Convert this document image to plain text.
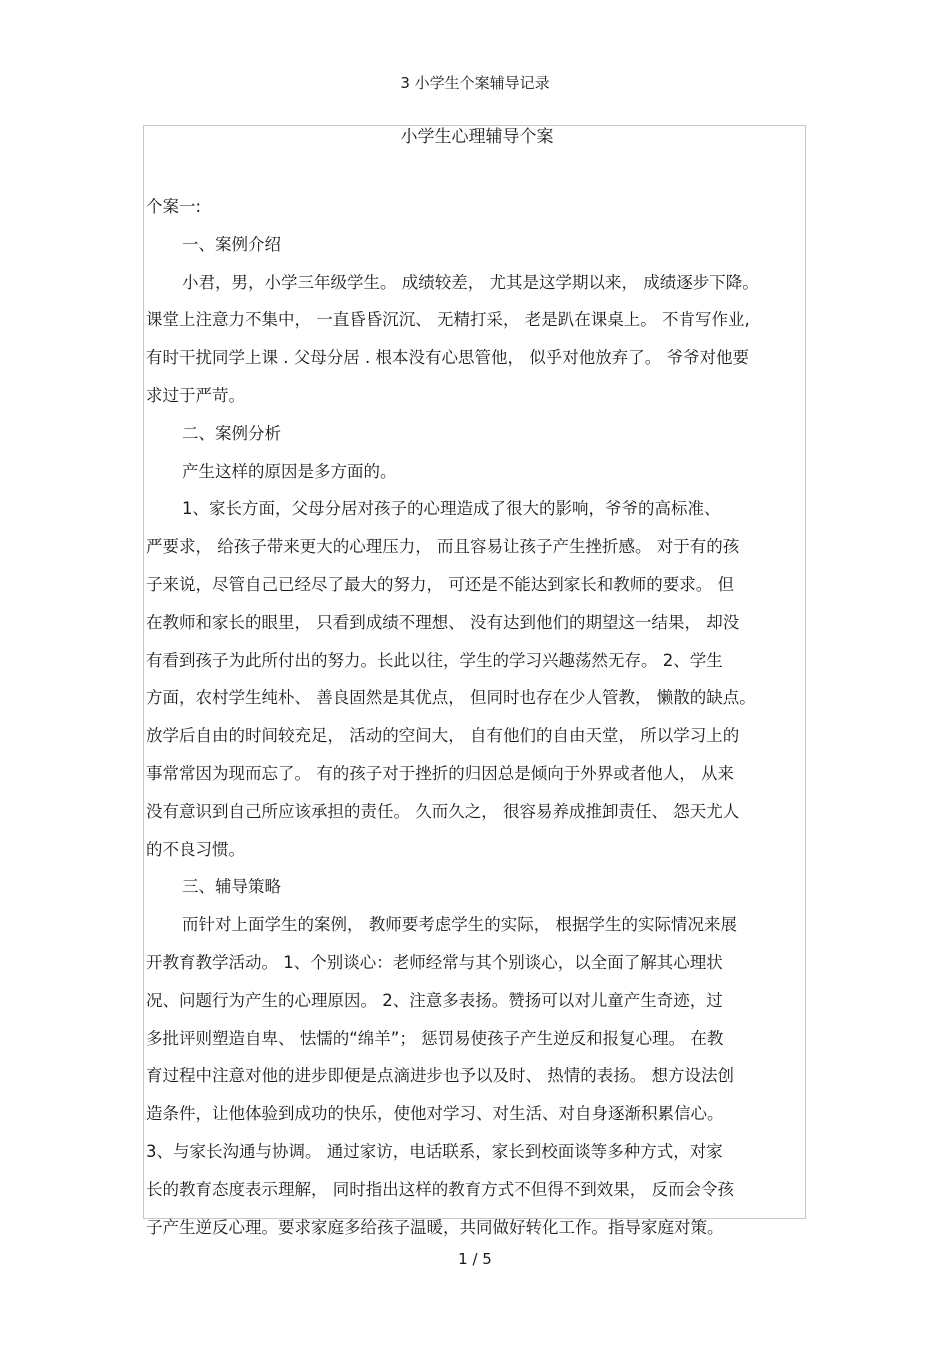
3 小学生个案辅导记录

小学生心理辅导个案

个案一:

一、案例介绍

小君，男，小学三年级学生。 成绩较差， 尤其是这学期以来， 成绩逐步下降。

课堂上注意力不集中， 一直昏昏沉沉、 无精打采， 老是趴在课桌上。 不肯写作业,

有时干扰同学上课 . 父母分居 . 根本没有心思管他， 似乎对他放弃了。 爷爷对他要

求过于严苛。

二、案例分析

产生这样的原因是多方面的。

1、家长方面，父母分居对孩子的心理造成了很大的影响，爷爷的高标准、

严要求， 给孩子带来更大的心理压力， 而且容易让孩子产生挫折感。 对于有的孩

子来说，尽管自己已经尽了最大的努力， 可还是不能达到家长和教师的要求。 但

在教师和家长的眼里， 只看到成绩不理想、 没有达到他们的期望这一结果， 却没

有看到孩子为此所付出的努力。长此以往，学生的学习兴趣荡然无存。 2、学生

方面，农村学生纯朴、 善良固然是其优点， 但同时也存在少人管教， 懒散的缺点。

放学后自由的时间较充足， 活动的空间大， 自有他们的自由天堂， 所以学习上的

事常常因为现而忘了。 有的孩子对于挫折的归因总是倾向于外界或者他人， 从来

没有意识到自己所应该承担的责任。 久而久之， 很容易养成推卸责任、 怨天尤人

的不良习惯。

三、辅导策略

而针对上面学生的案例， 教师要考虑学生的实际， 根据学生的实际情况来展

开教育教学活动。 1、个别谈心：老师经常与其个别谈心，以全面了解其心理状

况、问题行为产生的心理原因。 2、注意多表扬。赞扬可以对儿童产生奇迹，过

多批评则塑造自卑、 怯懦的“绵羊”； 惩罚易使孩子产生逆反和报复心理。 在教

育过程中注意对他的进步即便是点滴进步也予以及时、 热情的表扬。 想方设法创

造条件，让他体验到成功的快乐，使他对学习、对生活、对自身逐渐积累信心。

3、与家长沟通与协调。 通过家访，电话联系，家长到校面谈等多种方式，对家

长的教育态度表示理解， 同时指出这样的教育方式不但得不到效果， 反而会令孩

子产生逆反心理。要求家庭多给孩子温暖，共同做好转化工作。指导家庭对策。

1 / 5
